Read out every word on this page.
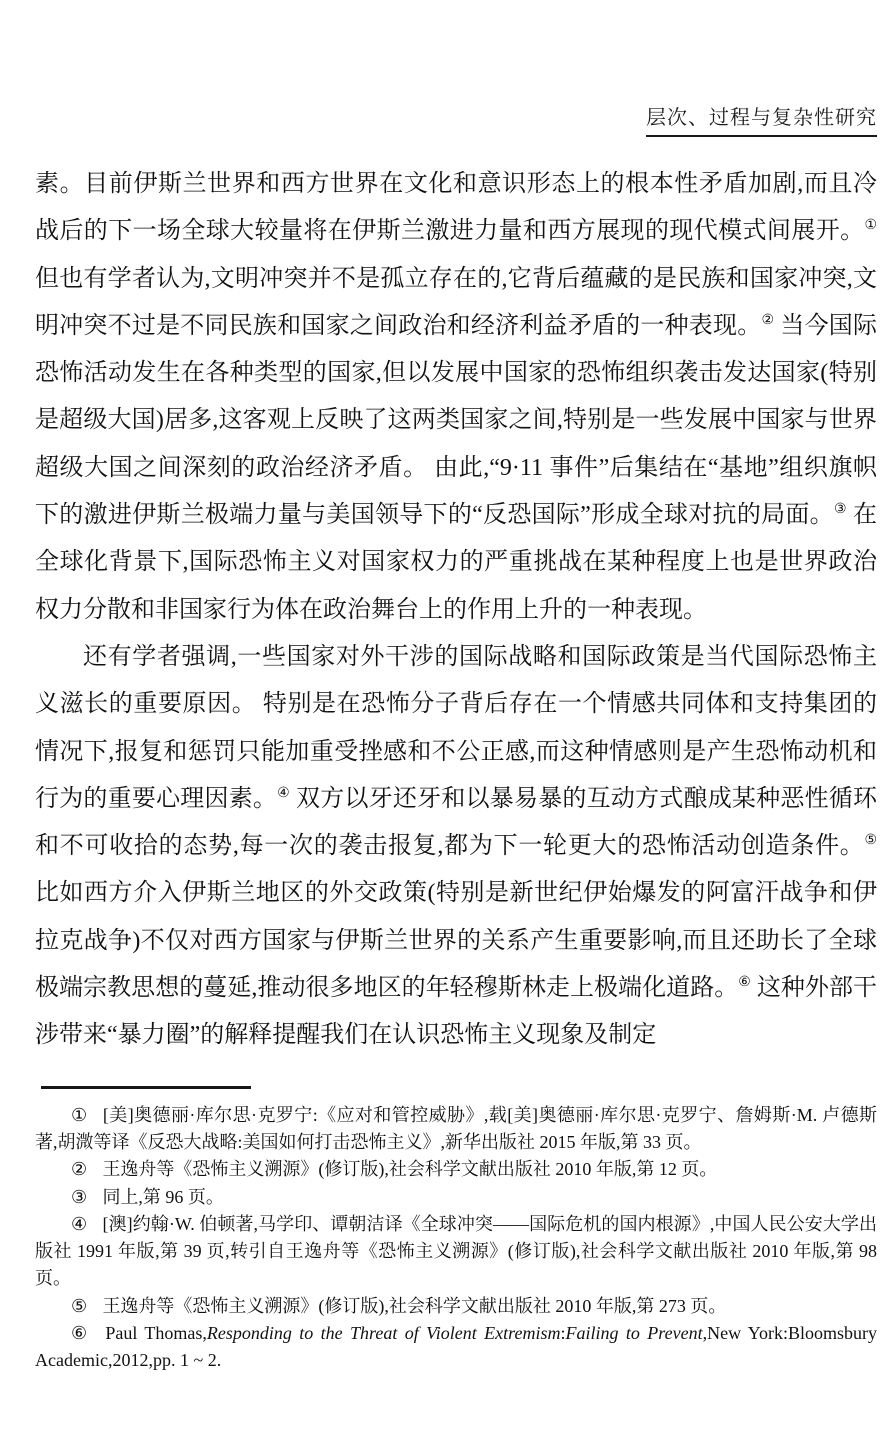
层次、过程与复杂性研究

素。目前伊斯兰世界和西方世界在文化和意识形态上的根本性矛盾加剧,而且冷战后的下一场全球大较量将在伊斯兰激进力量和西方展现的现代模式间展开。① 但也有学者认为,文明冲突并不是孤立存在的,它背后蕴藏的是民族和国家冲突,文明冲突不过是不同民族和国家之间政治和经济利益矛盾的一种表现。② 当今国际恐怖活动发生在各种类型的国家,但以发展中国家的恐怖组织袭击发达国家(特别是超级大国)居多,这客观上反映了这两类国家之间,特别是一些发展中国家与世界超级大国之间深刻的政治经济矛盾。 由此,“9·11 事件”后集结在“基地”组织旗帜下的激进伊斯兰极端力量与美国领导下的“反恐国际”形成全球对抗的局面。③ 在全球化背景下,国际恐怖主义对国家权力的严重挑战在某种程度上也是世界政治权力分散和非国家行为体在政治舞台上的作用上升的一种表现。

还有学者强调,一些国家对外干涉的国际战略和国际政策是当代国际恐怖主义滋长的重要原因。 特别是在恐怖分子背后存在一个情感共同体和支持集团的情况下,报复和惩罚只能加重受挫感和不公正感,而这种情感则是产生恐怖动机和行为的重要心理因素。④ 双方以牙还牙和以暴易暴的互动方式酿成某种恶性循环和不可收拾的态势,每一次的袭击报复,都为下一轮更大的恐怖活动创造条件。⑤ 比如西方介入伊斯兰地区的外交政策(特别是新世纪伊始爆发的阿富汗战争和伊拉克战争)不仅对西方国家与伊斯兰世界的关系产生重要影响,而且还助长了全球极端宗教思想的蔓延,推动很多地区的年轻穆斯林走上极端化道路。⑥ 这种外部干涉带来“暴力圈”的解释提醒我们在认识恐怖主义现象及制定

① [美]奥德丽·库尔思·克罗宁:《应对和管控威胁》,载[美]奥德丽·库尔思·克罗宁、詹姆斯·M. 卢德斯著,胡溦等译《反恐大战略:美国如何打击恐怖主义》,新华出版社 2015 年版,第 33 页。

② 王逸舟等《恐怖主义溯源》(修订版),社会科学文献出版社 2010 年版,第 12 页。

③ 同上,第 96 页。

④ [澳]约翰·W. 伯顿著,马学印、谭朝洁译《全球冲突——国际危机的国内根源》,中国人民公安大学出版社 1991 年版,第 39 页,转引自王逸舟等《恐怖主义溯源》(修订版),社会科学文献出版社 2010 年版,第 98 页。

⑤ 王逸舟等《恐怖主义溯源》(修订版),社会科学文献出版社 2010 年版,第 273 页。

⑥ Paul Thomas,Responding to the Threat of Violent Extremism:Failing to Prevent,New York:Bloomsbury Academic,2012,pp. 1 ~ 2.
